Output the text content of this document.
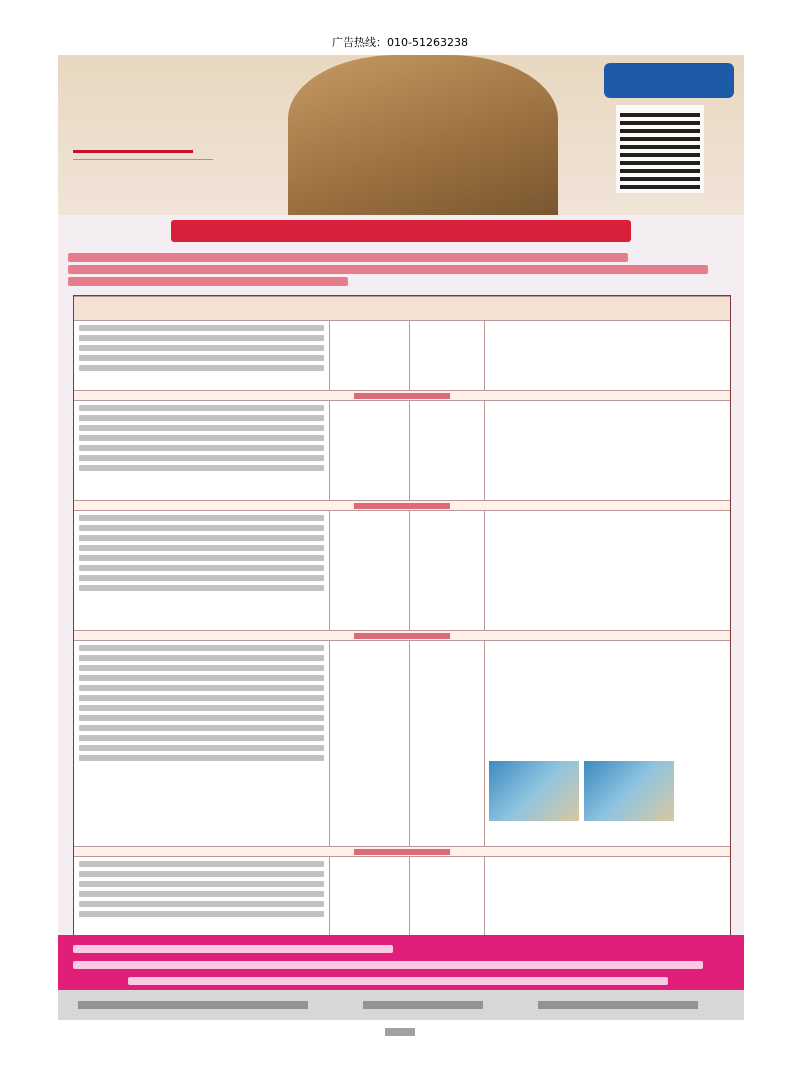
广告热线：010-51263238
